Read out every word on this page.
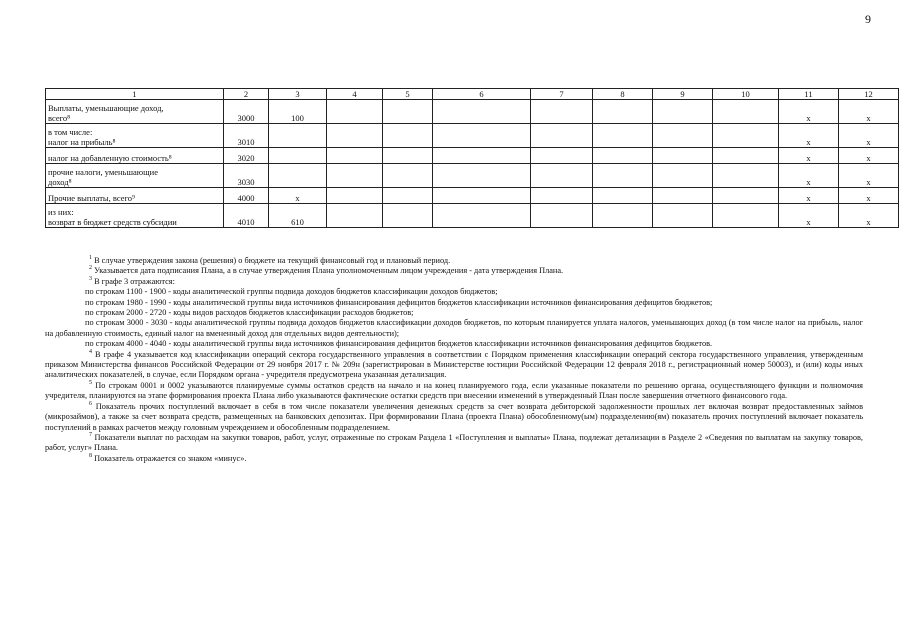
9
1	2	3	4	5	6	7	8	9	10	11	12

Выплаты, уменьшающие доход,
всего⁸	3000	100								x	x

в том числе:
налог на прибыль⁸	3010									x	x

налог на добавленную стоимость⁸	3020									x	x

прочие налоги, уменьшающие
доход⁸	3030									x	x

Прочие выплаты, всего⁹	4000	x								x	x

из них:
возврат в бюджет средств субсидии	4010	610								x	x

$^1$ В случае утверждения закона (решения) о бюджете на текущий финансовый год и плановый период.

$^2$ Указывается дата подписания Плана, а в случае утверждения Плана уполномоченным лицом учреждения - дата утверждения Плана.

$^3$ В графе 3 отражаются:

по строкам 1100 - 1900 - коды аналитической группы подвида доходов бюджетов классификации доходов бюджетов;

по строкам 1980 - 1990 - коды аналитической группы вида источников финансирования дефицитов бюджетов классификации источников финансирования дефицитов бюджетов;

по строкам 2000 - 2720 - коды видов расходов бюджетов классификации расходов бюджетов;

по строкам 3000 - 3030 - коды аналитической группы подвида доходов бюджетов классификации доходов бюджетов, по которым планируется уплата налогов, уменьшающих доход (в том числе налог на прибыль, налог на добавленную стоимость, единый налог на вмененный доход для отдельных видов деятельности);

по строкам 4000 - 4040 - коды аналитической группы вида источников финансирования дефицитов бюджетов классификации источников финансирования дефицитов бюджетов.

$^4$ В графе 4 указывается код классификации операций сектора государственного управления в соответствии с Порядком применения классификации операций сектора государственного управления, утвержденным приказом Министерства финансов Российской Федерации от 29 ноября 2017 г. № 209н (зарегистрирован в Министерстве юстиции Российской Федерации 12 февраля 2018 г., регистрационный номер 50003), и (или) коды иных аналитических показателей, в случае, если Порядком органа - учредителя предусмотрена указанная детализация.

$^5$ По строкам 0001 и 0002 указываются планируемые суммы остатков средств на начало и на конец планируемого года, если указанные показатели по решению органа, осуществляющего функции и полномочия учредителя, планируются на этапе формирования проекта Плана либо указываются фактические остатки средств при внесении изменений в утвержденный План после завершения отчетного финансового года.

$^6$ Показатель прочих поступлений включает в себя в том числе показатели увеличения денежных средств за счет возврата дебиторской задолженности прошлых лет включая возврат предоставленных займов (микрозаймов), а также за счет возврата средств, размещенных на банковских депозитах. При формировании Плана (проекта Плана) обособленному(ым) подразделению(ям) показатель прочих поступлений включает показатель поступлений в рамках расчетов между головным учреждением и обособленным подразделением.

$^7$ Показатели выплат по расходам на закупки товаров, работ, услуг, отраженные по строкам Раздела 1 «Поступления и выплаты» Плана, подлежат детализации в Разделе 2 «Сведения по выплатам на закупку товаров, работ, услуг» Плана.

$^8$ Показатель отражается со знаком «минус».
